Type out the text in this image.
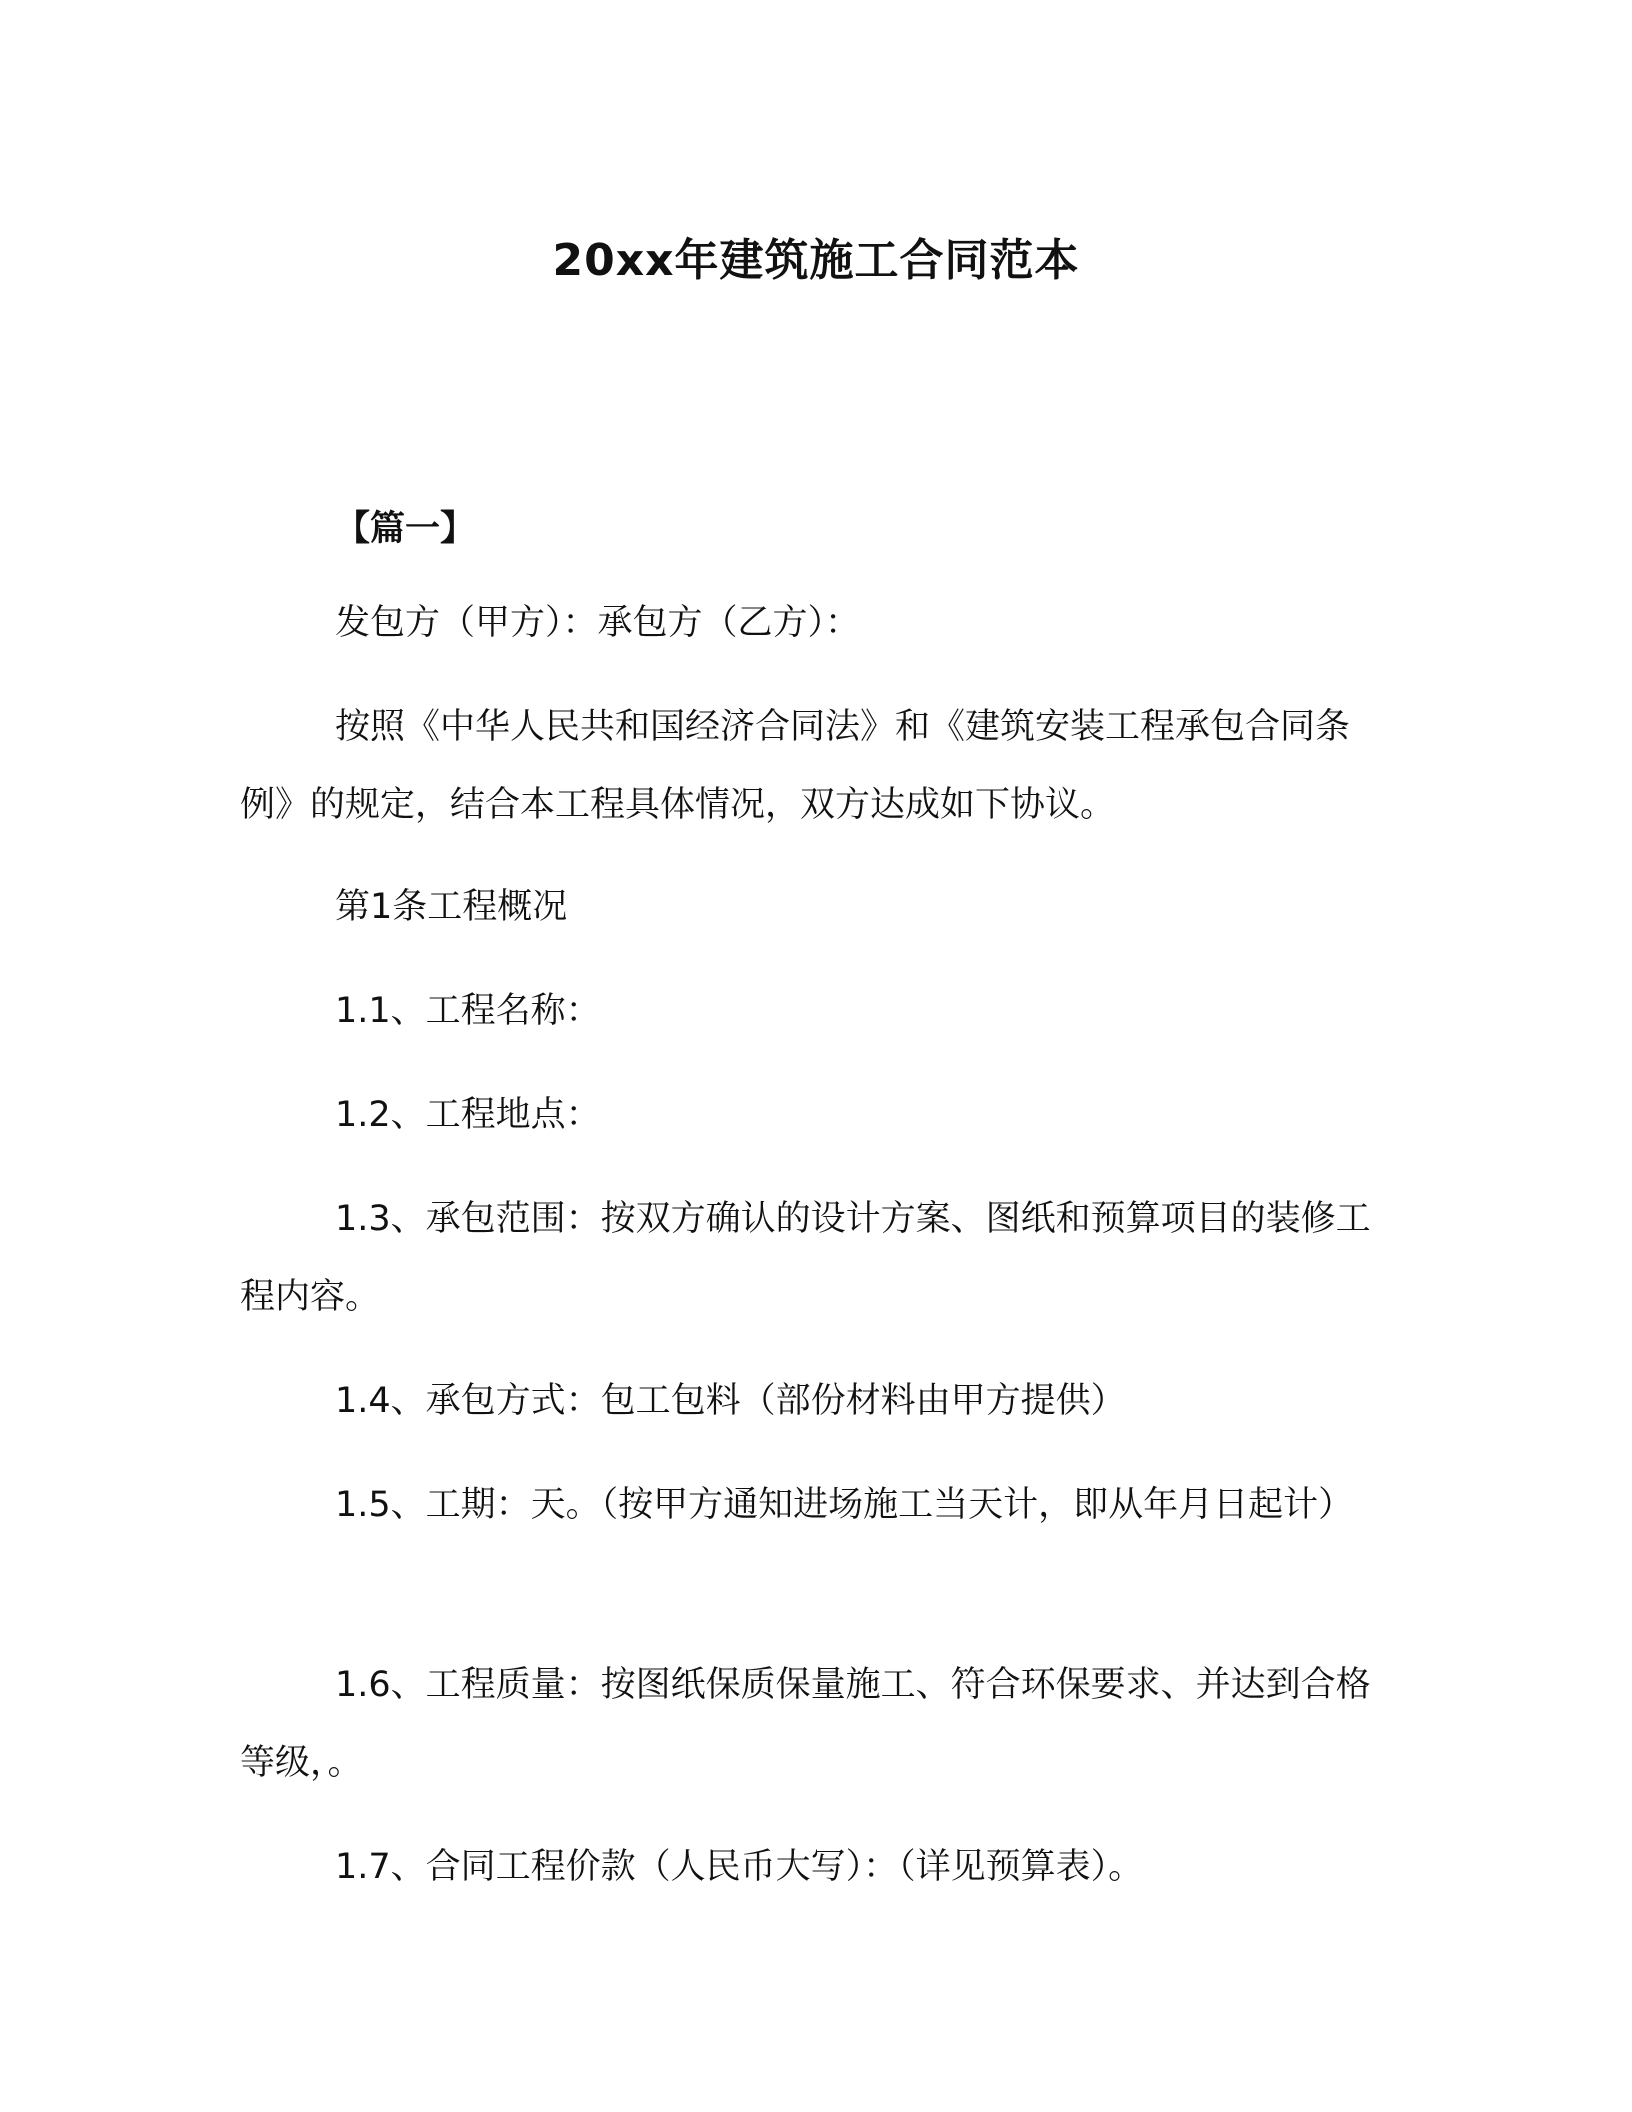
20xx年建筑施工合同范本
【篇一】
发包方（甲方）：承包方（乙方）：
按照《中华人民共和国经济合同法》和《建筑安装工程承包合同条例》的规定，结合本工程具体情况，双方达成如下协议。
第1条工程概况
1.1、工程名称：
1.2、工程地点：
1.3、承包范围：按双方确认的设计方案、图纸和预算项目的装修工程内容。
1.4、承包方式：包工包料（部份材料由甲方提供）
1.5、工期：天。（按甲方通知进场施工当天计，即从年月日起计）
1.6、工程质量：按图纸保质保量施工、符合环保要求、并达到合格等级，。
1.7、合同工程价款（人民币大写）：（详见预算表）。
